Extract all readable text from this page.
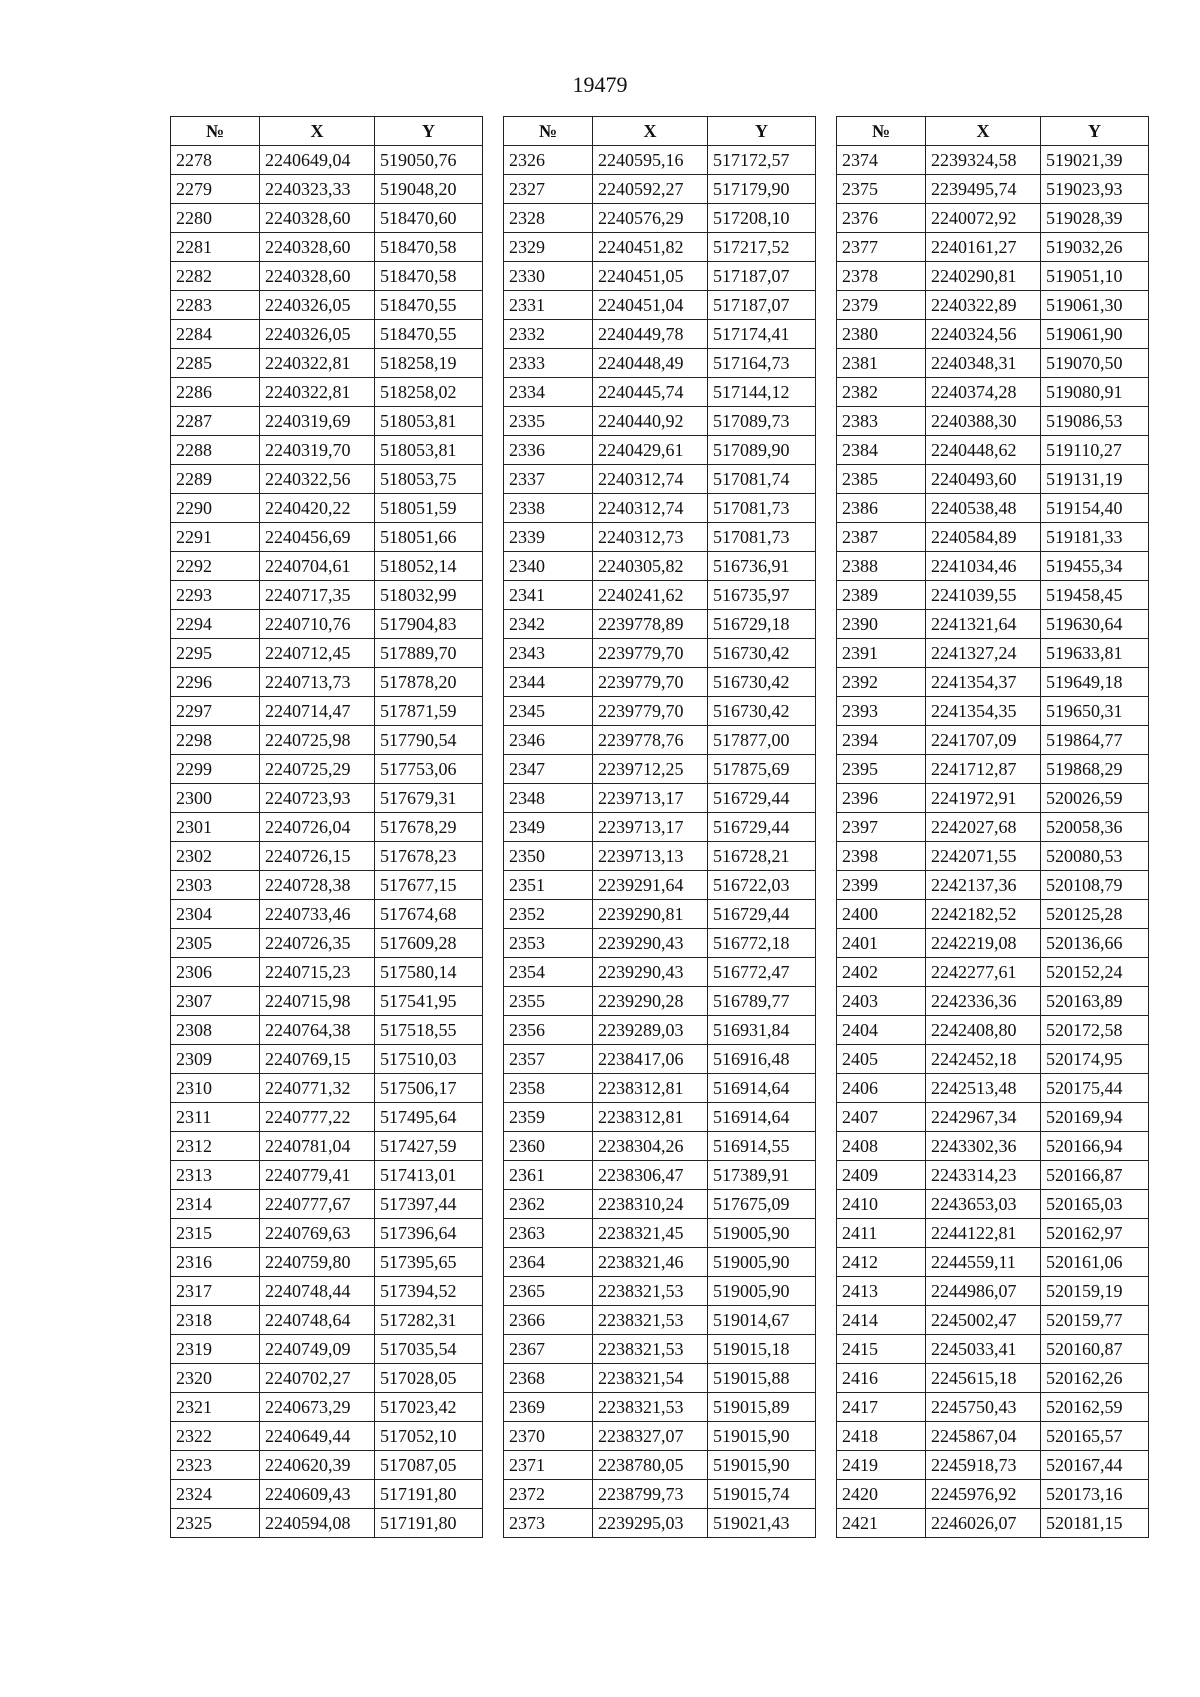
19479
№	X	Y
2278	2240649,04	519050,76
2279	2240323,33	519048,20
2280	2240328,60	518470,60
2281	2240328,60	518470,58
2282	2240328,60	518470,58
2283	2240326,05	518470,55
2284	2240326,05	518470,55
2285	2240322,81	518258,19
2286	2240322,81	518258,02
2287	2240319,69	518053,81
2288	2240319,70	518053,81
2289	2240322,56	518053,75
2290	2240420,22	518051,59
2291	2240456,69	518051,66
2292	2240704,61	518052,14
2293	2240717,35	518032,99
2294	2240710,76	517904,83
2295	2240712,45	517889,70
2296	2240713,73	517878,20
2297	2240714,47	517871,59
2298	2240725,98	517790,54
2299	2240725,29	517753,06
2300	2240723,93	517679,31
2301	2240726,04	517678,29
2302	2240726,15	517678,23
2303	2240728,38	517677,15
2304	2240733,46	517674,68
2305	2240726,35	517609,28
2306	2240715,23	517580,14
2307	2240715,98	517541,95
2308	2240764,38	517518,55
2309	2240769,15	517510,03
2310	2240771,32	517506,17
2311	2240777,22	517495,64
2312	2240781,04	517427,59
2313	2240779,41	517413,01
2314	2240777,67	517397,44
2315	2240769,63	517396,64
2316	2240759,80	517395,65
2317	2240748,44	517394,52
2318	2240748,64	517282,31
2319	2240749,09	517035,54
2320	2240702,27	517028,05
2321	2240673,29	517023,42
2322	2240649,44	517052,10
2323	2240620,39	517087,05
2324	2240609,43	517191,80
2325	2240594,08	517191,80
№	X	Y
2326	2240595,16	517172,57
2327	2240592,27	517179,90
2328	2240576,29	517208,10
2329	2240451,82	517217,52
2330	2240451,05	517187,07
2331	2240451,04	517187,07
2332	2240449,78	517174,41
2333	2240448,49	517164,73
2334	2240445,74	517144,12
2335	2240440,92	517089,73
2336	2240429,61	517089,90
2337	2240312,74	517081,74
2338	2240312,74	517081,73
2339	2240312,73	517081,73
2340	2240305,82	516736,91
2341	2240241,62	516735,97
2342	2239778,89	516729,18
2343	2239779,70	516730,42
2344	2239779,70	516730,42
2345	2239779,70	516730,42
2346	2239778,76	517877,00
2347	2239712,25	517875,69
2348	2239713,17	516729,44
2349	2239713,17	516729,44
2350	2239713,13	516728,21
2351	2239291,64	516722,03
2352	2239290,81	516729,44
2353	2239290,43	516772,18
2354	2239290,43	516772,47
2355	2239290,28	516789,77
2356	2239289,03	516931,84
2357	2238417,06	516916,48
2358	2238312,81	516914,64
2359	2238312,81	516914,64
2360	2238304,26	516914,55
2361	2238306,47	517389,91
2362	2238310,24	517675,09
2363	2238321,45	519005,90
2364	2238321,46	519005,90
2365	2238321,53	519005,90
2366	2238321,53	519014,67
2367	2238321,53	519015,18
2368	2238321,54	519015,88
2369	2238321,53	519015,89
2370	2238327,07	519015,90
2371	2238780,05	519015,90
2372	2238799,73	519015,74
2373	2239295,03	519021,43
№	X	Y
2374	2239324,58	519021,39
2375	2239495,74	519023,93
2376	2240072,92	519028,39
2377	2240161,27	519032,26
2378	2240290,81	519051,10
2379	2240322,89	519061,30
2380	2240324,56	519061,90
2381	2240348,31	519070,50
2382	2240374,28	519080,91
2383	2240388,30	519086,53
2384	2240448,62	519110,27
2385	2240493,60	519131,19
2386	2240538,48	519154,40
2387	2240584,89	519181,33
2388	2241034,46	519455,34
2389	2241039,55	519458,45
2390	2241321,64	519630,64
2391	2241327,24	519633,81
2392	2241354,37	519649,18
2393	2241354,35	519650,31
2394	2241707,09	519864,77
2395	2241712,87	519868,29
2396	2241972,91	520026,59
2397	2242027,68	520058,36
2398	2242071,55	520080,53
2399	2242137,36	520108,79
2400	2242182,52	520125,28
2401	2242219,08	520136,66
2402	2242277,61	520152,24
2403	2242336,36	520163,89
2404	2242408,80	520172,58
2405	2242452,18	520174,95
2406	2242513,48	520175,44
2407	2242967,34	520169,94
2408	2243302,36	520166,94
2409	2243314,23	520166,87
2410	2243653,03	520165,03
2411	2244122,81	520162,97
2412	2244559,11	520161,06
2413	2244986,07	520159,19
2414	2245002,47	520159,77
2415	2245033,41	520160,87
2416	2245615,18	520162,26
2417	2245750,43	520162,59
2418	2245867,04	520165,57
2419	2245918,73	520167,44
2420	2245976,92	520173,16
2421	2246026,07	520181,15
